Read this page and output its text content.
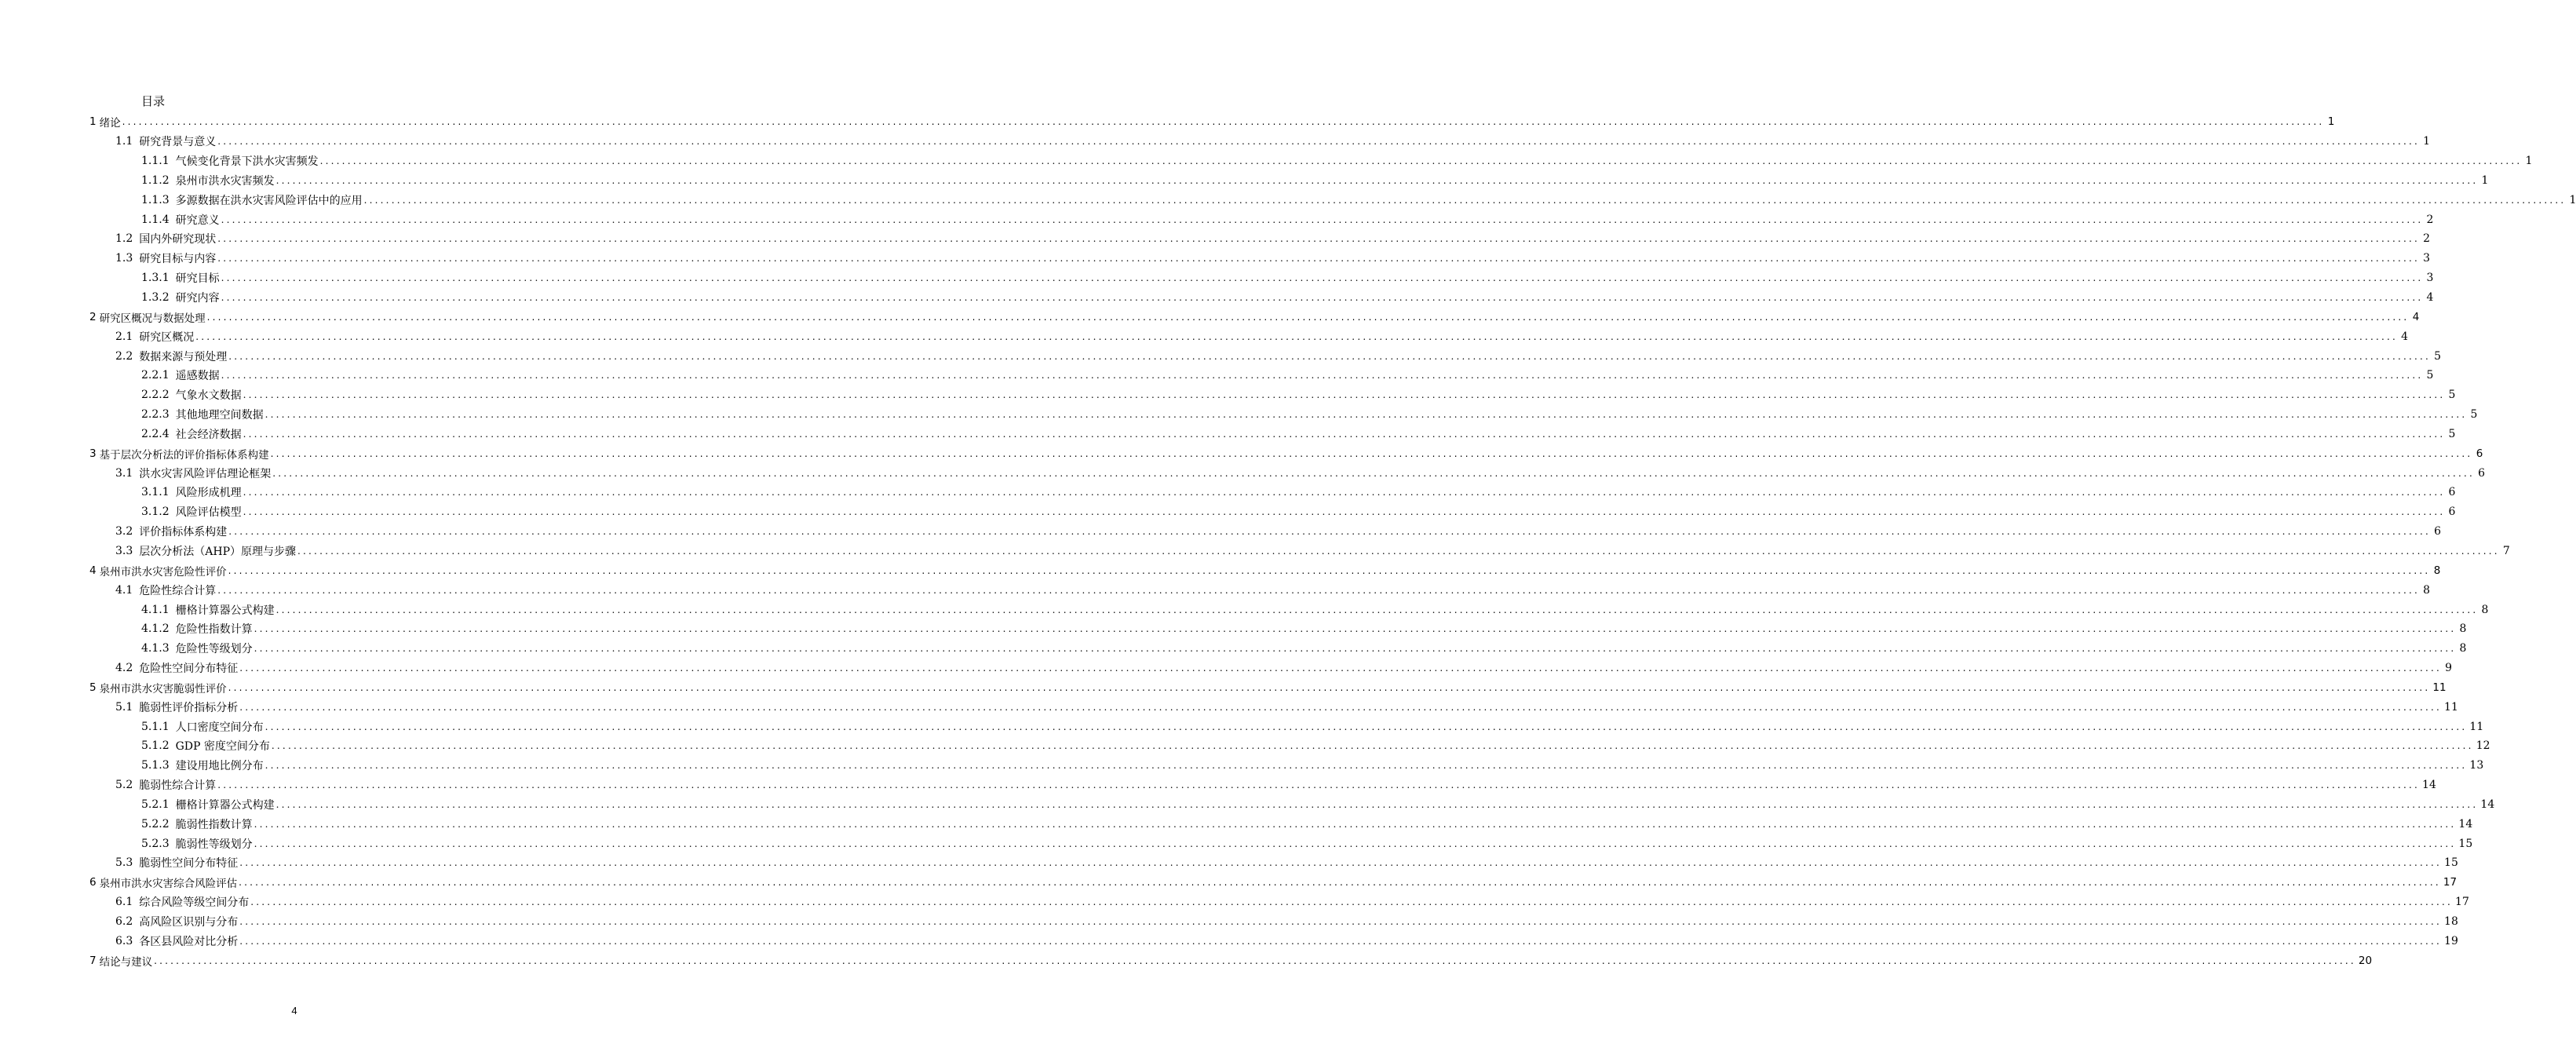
目录
1 绪论 ................................................................................................................................................................................................................................................................................................................................................................................................................ 1
1.1 研究背景与意义 ................................................................................................................................................................................................................................................................................................................................................................................................................ 1
1.1.1 气候变化背景下洪水灾害频发 ................................................................................................................................................................................................................................................................................................................................................................................................................ 1
1.1.2 泉州市洪水灾害频发 ................................................................................................................................................................................................................................................................................................................................................................................................................ 1
1.1.3 多源数据在洪水灾害风险评估中的应用 ................................................................................................................................................................................................................................................................................................................................................................................................................ 1
1.1.4 研究意义 ................................................................................................................................................................................................................................................................................................................................................................................................................ 2
1.2 国内外研究现状 ................................................................................................................................................................................................................................................................................................................................................................................................................ 2
1.3 研究目标与内容 ................................................................................................................................................................................................................................................................................................................................................................................................................ 3
1.3.1 研究目标 ................................................................................................................................................................................................................................................................................................................................................................................................................ 3
1.3.2 研究内容 ................................................................................................................................................................................................................................................................................................................................................................................................................ 4
2 研究区概况与数据处理 ................................................................................................................................................................................................................................................................................................................................................................................................................ 4
2.1 研究区概况 ................................................................................................................................................................................................................................................................................................................................................................................................................ 4
2.2 数据来源与预处理 ................................................................................................................................................................................................................................................................................................................................................................................................................ 5
2.2.1 遥感数据 ................................................................................................................................................................................................................................................................................................................................................................................................................ 5
2.2.2 气象水文数据 ................................................................................................................................................................................................................................................................................................................................................................................................................ 5
2.2.3 其他地理空间数据 ................................................................................................................................................................................................................................................................................................................................................................................................................ 5
2.2.4 社会经济数据 ................................................................................................................................................................................................................................................................................................................................................................................................................ 5
3 基于层次分析法的评价指标体系构建 ................................................................................................................................................................................................................................................................................................................................................................................................................ 6
3.1 洪水灾害风险评估理论框架 ................................................................................................................................................................................................................................................................................................................................................................................................................ 6
3.1.1 风险形成机理 ................................................................................................................................................................................................................................................................................................................................................................................................................ 6
3.1.2 风险评估模型 ................................................................................................................................................................................................................................................................................................................................................................................................................ 6
3.2 评价指标体系构建 ................................................................................................................................................................................................................................................................................................................................................................................................................ 6
3.3 层次分析法（AHP）原理与步骤 ................................................................................................................................................................................................................................................................................................................................................................................................................ 7
4 泉州市洪水灾害危险性评价 ................................................................................................................................................................................................................................................................................................................................................................................................................ 8
4.1 危险性综合计算 ................................................................................................................................................................................................................................................................................................................................................................................................................ 8
4.1.1 栅格计算器公式构建 ................................................................................................................................................................................................................................................................................................................................................................................................................ 8
4.1.2 危险性指数计算 ................................................................................................................................................................................................................................................................................................................................................................................................................ 8
4.1.3 危险性等级划分 ................................................................................................................................................................................................................................................................................................................................................................................................................ 8
4.2 危险性空间分布特征 ................................................................................................................................................................................................................................................................................................................................................................................................................ 9
5 泉州市洪水灾害脆弱性评价 ................................................................................................................................................................................................................................................................................................................................................................................................................ 11
5.1 脆弱性评价指标分析 ................................................................................................................................................................................................................................................................................................................................................................................................................ 11
5.1.1 人口密度空间分布 ................................................................................................................................................................................................................................................................................................................................................................................................................ 11
5.1.2 GDP 密度空间分布 ................................................................................................................................................................................................................................................................................................................................................................................................................ 12
5.1.3 建设用地比例分布 ................................................................................................................................................................................................................................................................................................................................................................................................................ 13
5.2 脆弱性综合计算 ................................................................................................................................................................................................................................................................................................................................................................................................................ 14
5.2.1 栅格计算器公式构建 ................................................................................................................................................................................................................................................................................................................................................................................................................ 14
5.2.2 脆弱性指数计算 ................................................................................................................................................................................................................................................................................................................................................................................................................ 14
5.2.3 脆弱性等级划分 ................................................................................................................................................................................................................................................................................................................................................................................................................ 15
5.3 脆弱性空间分布特征 ................................................................................................................................................................................................................................................................................................................................................................................................................ 15
6 泉州市洪水灾害综合风险评估 ................................................................................................................................................................................................................................................................................................................................................................................................................ 17
6.1 综合风险等级空间分布 ................................................................................................................................................................................................................................................................................................................................................................................................................ 17
6.2 高风险区识别与分布 ................................................................................................................................................................................................................................................................................................................................................................................................................ 18
6.3 各区县风险对比分析 ................................................................................................................................................................................................................................................................................................................................................................................................................ 19
7 结论与建议 ................................................................................................................................................................................................................................................................................................................................................................................................................ 20
4
